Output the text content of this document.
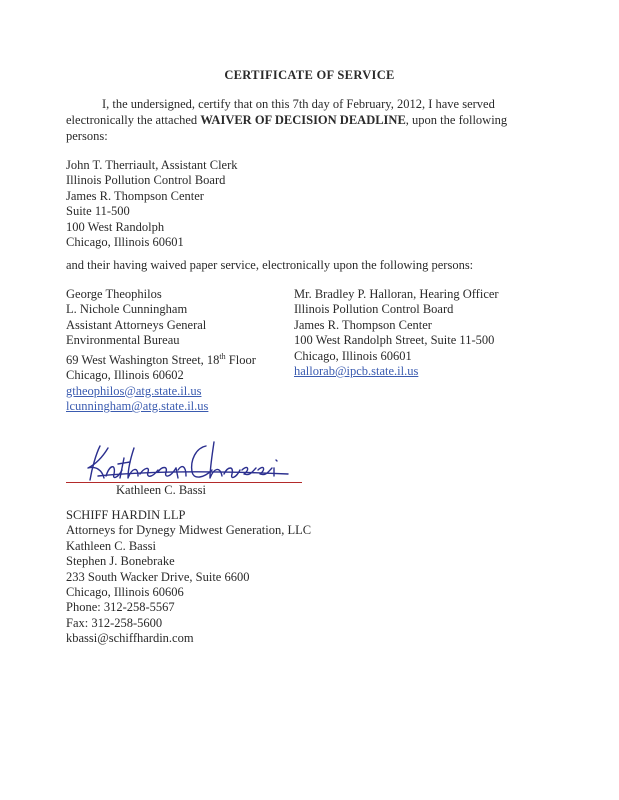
CERTIFICATE OF SERVICE
I, the undersigned, certify that on this 7th day of February, 2012, I have served electronically the attached WAIVER OF DECISION DEADLINE, upon the following persons:
John T. Therriault, Assistant Clerk
Illinois Pollution Control Board
James R. Thompson Center
Suite 11-500
100 West Randolph
Chicago, Illinois 60601
and their having waived paper service, electronically upon the following persons:
George Theophilos
L. Nichole Cunningham
Assistant Attorneys General
Environmental Bureau
69 West Washington Street, 18th Floor
Chicago, Illinois 60602
gtheophilos@atg.state.il.us
lcunningham@atg.state.il.us
Mr. Bradley P. Halloran, Hearing Officer
Illinois Pollution Control Board
James R. Thompson Center
100 West Randolph Street, Suite 11-500
Chicago, Illinois 60601
hallorab@ipcb.state.il.us
Kathleen C. Bassi
SCHIFF HARDIN LLP
Attorneys for Dynegy Midwest Generation, LLC
Kathleen C. Bassi
Stephen J. Bonebrake
233 South Wacker Drive, Suite 6600
Chicago, Illinois 60606
Phone: 312-258-5567
Fax: 312-258-5600
kbassi@schiffhardin.com
